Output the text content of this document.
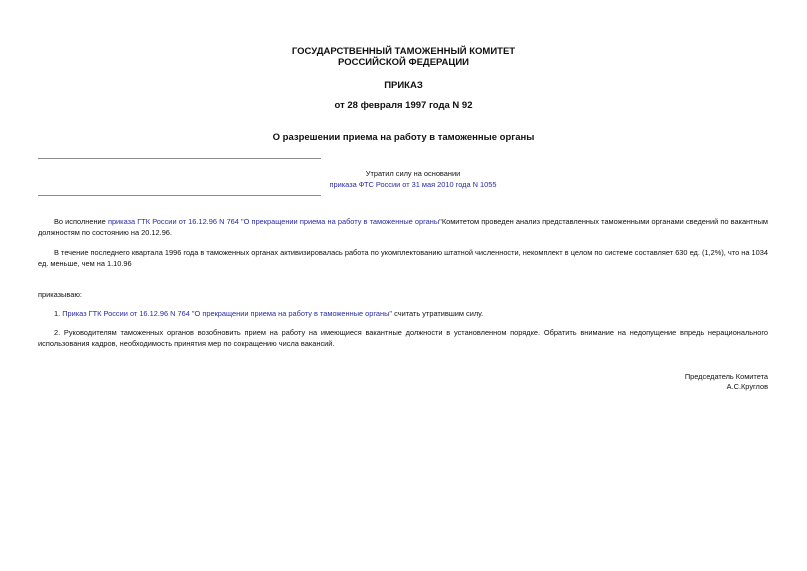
ГОСУДАРСТВЕННЫЙ ТАМОЖЕННЫЙ КОМИТЕТ
РОССИЙСКОЙ ФЕДЕРАЦИИ
ПРИКАЗ
от 28 февраля 1997 года N 92
О разрешении приема на работу в таможенные органы
Утратил силу на основании
приказа ФТС России от 31 мая 2010 года N 1055
Во исполнение приказа ГТК России от 16.12.96 N 764 "О прекращении приема на работу в таможенные органы"Комитетом проведен анализ представленных таможенными органами сведений по вакантным должностям по состоянию на 20.12.96.
В течение последнего квартала 1996 года в таможенных органах активизировалась работа по укомплектованию штатной численности, некомплект в целом по системе составляет 630 ед. (1,2%), что на 1034 ед. меньше, чем на 1.10.96
приказываю:
1. Приказ ГТК России от 16.12.96 N 764 "О прекращении приема на работу в таможенные органы" считать утратившим силу.
2. Руководителям таможенных органов возобновить прием на работу на имеющиеся вакантные должности в установленном порядке. Обратить внимание на недопущение впредь нерационального использования кадров, необходимость принятия мер по сокращению числа вакансий.
Председатель Комитета
А.С.Круглов
